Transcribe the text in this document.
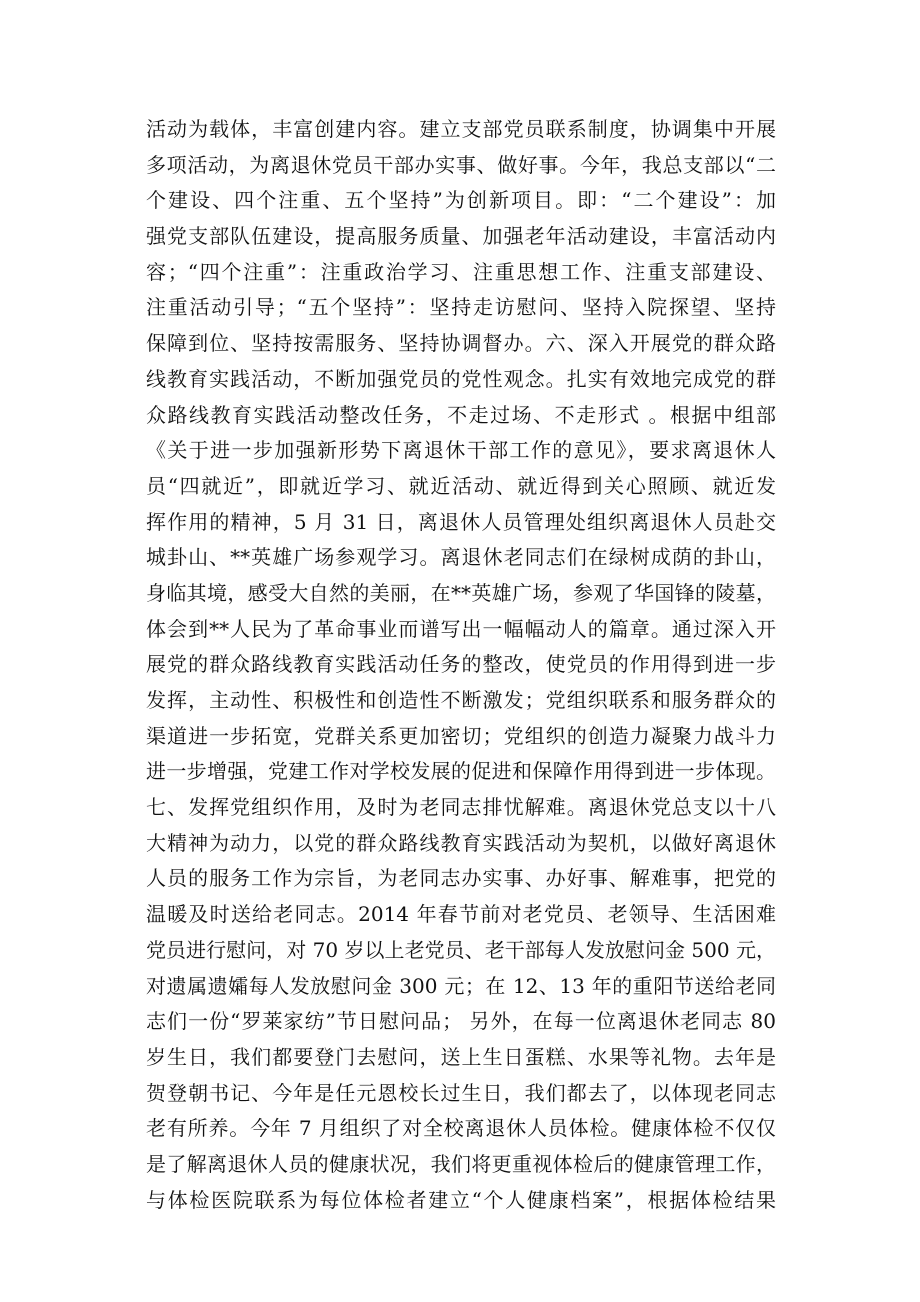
活动为载体，丰富创建内容。建立支部党员联系制度，协调集中开展
多项活动，为离退休党员干部办实事、做好事。今年，我总支部以“二
个建设、四个注重、五个坚持”为创新项目。即：“二个建设”：加
强党支部队伍建设，提高服务质量、加强老年活动建设，丰富活动内
容；“四个注重”：注重政治学习、注重思想工作、注重支部建设、
注重活动引导；“五个坚持”：坚持走访慰问、坚持入院探望、坚持
保障到位、坚持按需服务、坚持协调督办。六、深入开展党的群众路
线教育实践活动，不断加强党员的党性观念。扎实有效地完成党的群
众路线教育实践活动整改任务，不走过场、不走形式 。根据中组部
《关于进一步加强新形势下离退休干部工作的意见》，要求离退休人
员“四就近”，即就近学习、就近活动、就近得到关心照顾、就近发
挥作用的精神，5 月 31 日，离退休人员管理处组织离退休人员赴交
城卦山、**英雄广场参观学习。离退休老同志们在绿树成荫的卦山，
身临其境，感受大自然的美丽，在**英雄广场，参观了华国锋的陵墓，
体会到**人民为了革命事业而谱写出一幅幅动人的篇章。通过深入开
展党的群众路线教育实践活动任务的整改，使党员的作用得到进一步
发挥，主动性、积极性和创造性不断激发；党组织联系和服务群众的
渠道进一步拓宽，党群关系更加密切；党组织的创造力凝聚力战斗力
进一步增强，党建工作对学校发展的促进和保障作用得到进一步体现。
七、发挥党组织作用，及时为老同志排忧解难。离退休党总支以十八
大精神为动力，以党的群众路线教育实践活动为契机，以做好离退休
人员的服务工作为宗旨，为老同志办实事、办好事、解难事，把党的
温暖及时送给老同志。2014 年春节前对老党员、老领导、生活困难
党员进行慰问，对 70 岁以上老党员、老干部每人发放慰问金 500 元，
对遗属遗孀每人发放慰问金 300 元；在 12、13 年的重阳节送给老同
志们一份“罗莱家纺”节日慰问品； 另外，在每一位离退休老同志 80
岁生日，我们都要登门去慰问，送上生日蛋糕、水果等礼物。去年是
贺登朝书记、今年是任元恩校长过生日，我们都去了，以体现老同志
老有所养。今年 7 月组织了对全校离退休人员体检。健康体检不仅仅
是了解离退休人员的健康状况，我们将更重视体检后的健康管理工作，
与体检医院联系为每位体检者建立“个人健康档案”，根据体检结果
